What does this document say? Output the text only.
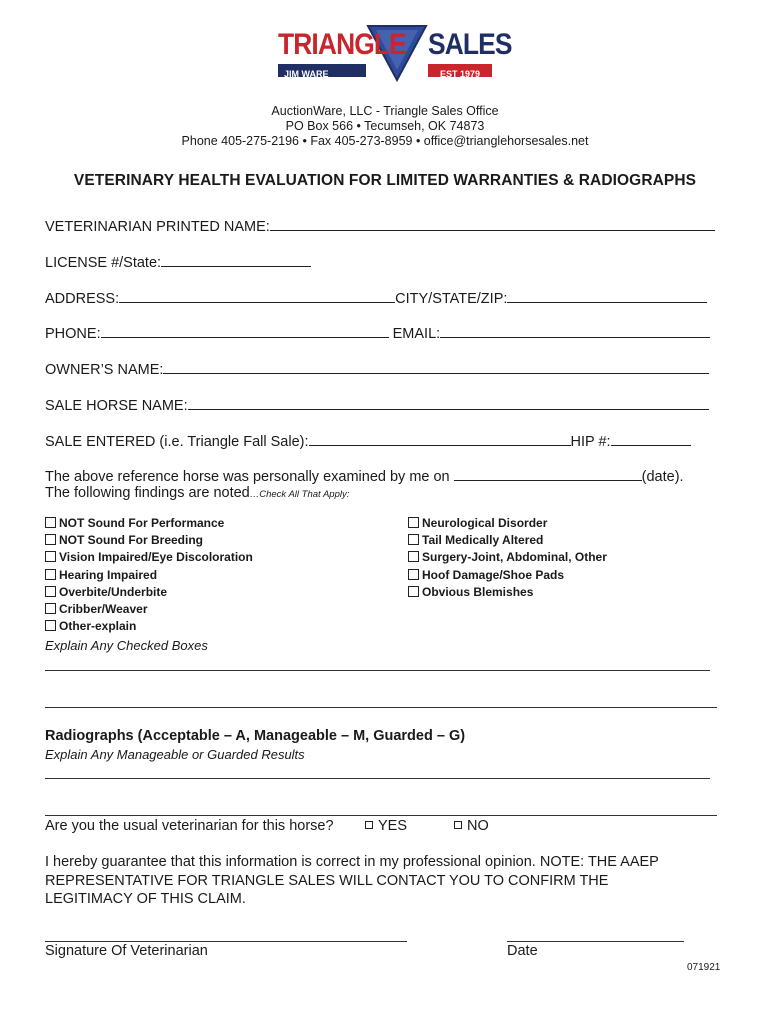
TRIANGLE SALES
JIM WARE	EST 1979
AuctionWare, LLC - Triangle Sales Office
PO Box 566 • Tecumseh, OK 74873
Phone 405-275-2196 • Fax 405-273-8959 • office@trianglehorsesales.net
VETERINARY HEALTH EVALUATION FOR LIMITED WARRANTIES & RADIOGRAPHS
VETERINARIAN PRINTED NAME:
LICENSE #/State:
ADDRESS:	CITY/STATE/ZIP:
PHONE:	EMAIL:
OWNER’S NAME:
SALE HORSE NAME:
SALE ENTERED (i.e. Triangle Fall Sale):	HIP #:
The above reference horse was personally examined by me on	(date).
The following findings are noted…Check All That Apply:
NOT Sound For Performance
NOT Sound For Breeding
Vision Impaired/Eye Discoloration
Hearing Impaired
Overbite/Underbite
Cribber/Weaver
Other-explain
Neurological Disorder
Tail Medically Altered
Surgery-Joint, Abdominal, Other
Hoof Damage/Shoe Pads
Obvious Blemishes
Explain Any Checked Boxes
Radiographs (Acceptable – A, Manageable – M, Guarded – G)
Explain Any Manageable or Guarded Results
Are you the usual veterinarian for this horse?	YES	NO
I hereby guarantee that this information is correct in my professional opinion. NOTE: THE AAEP
REPRESENTATIVE FOR TRIANGLE SALES WILL CONTACT YOU TO CONFIRM THE
LEGITIMACY OF THIS CLAIM.
Signature Of Veterinarian	Date
071921
